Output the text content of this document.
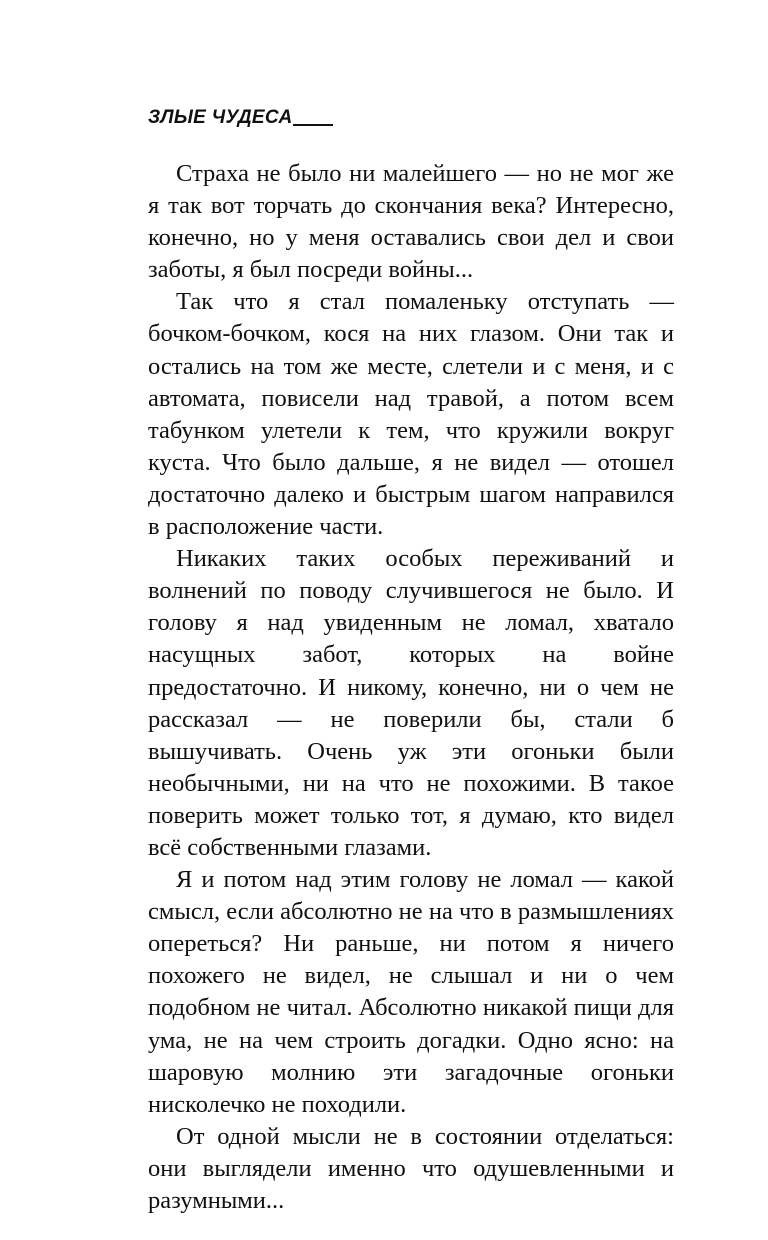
ЗЛЫЕ ЧУДЕСА

Страха не было ни малейшего — но не мог же я так вот торчать до скончания века? Интересно, конечно, но у меня оставались свои дел и свои заботы, я был посреди войны...

Так что я стал помаленьку отступать — бочком-бочком, кося на них глазом. Они так и остались на том же месте, слетели и с меня, и с автомата, повисели над травой, а потом всем табунком улетели к тем, что кружили вокруг куста. Что было дальше, я не видел — отошел достаточно далеко и быстрым шагом направился в расположение части.

Никаких таких особых переживаний и волнений по поводу случившегося не было. И голову я над увиденным не ломал, хватало насущных забот, которых на войне предостаточно. И никому, конечно, ни о чем не рассказал — не поверили бы, стали б вышучивать. Очень уж эти огоньки были необычными, ни на что не похожими. В такое поверить может только тот, я думаю, кто видел всё собственными глазами.

Я и потом над этим голову не ломал — какой смысл, если абсолютно не на что в размышлениях опереться? Ни раньше, ни потом я ничего похожего не видел, не слышал и ни о чем подобном не читал. Абсолютно никакой пищи для ума, не на чем строить догадки. Одно ясно: на шаровую молнию эти загадочные огоньки нисколечко не походили.

От одной мысли не в состоянии отделаться: они выглядели именно что одушевленными и разумными...
